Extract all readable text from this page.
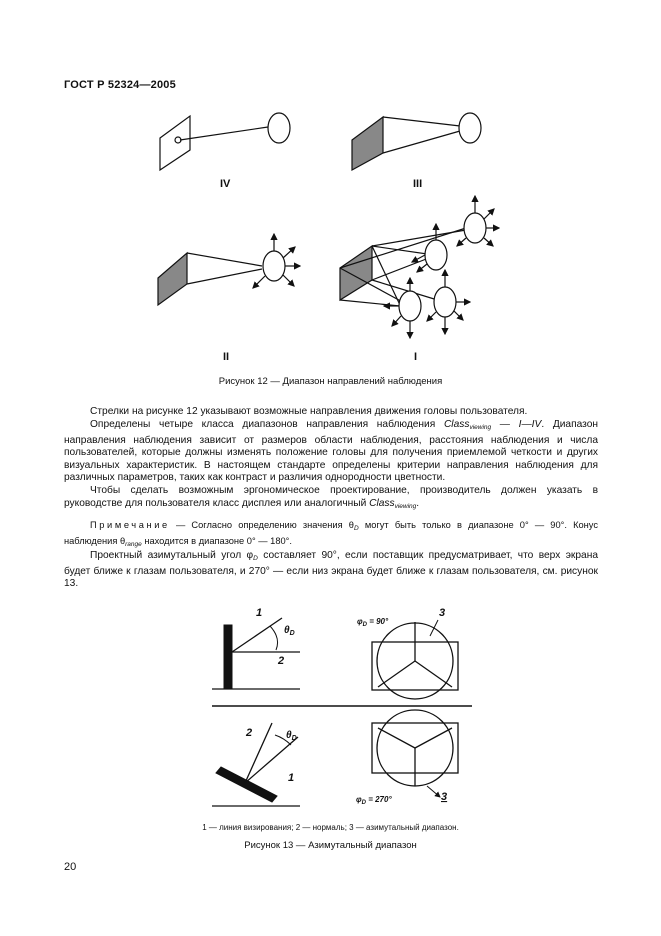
ГОСТ Р 52324—2005
IV	III
II	I
Рисунок 12 — Диапазон направлений наблюдения
Стрелки на рисунке 12 указывают возможные направления движения головы пользователя.
Определены четыре класса диапазонов направления наблюдения Class$_{viewing}$ — I—IV. Диапазон направления наблюдения зависит от размеров области наблюдения, расстояния наблюдения и числа пользователей, которые должны изменять положение головы для получения приемлемой четкости и других визуальных характеристик. В настоящем стандарте определены критерии направления наблюдения для различных параметров, таких как контраст и различия однородности цветности.
Чтобы сделать возможным эргономическое проектирование, производитель должен указать в руководстве для пользователя класс дисплея или аналогичный Class$_{viewing}$.
Примечание — Согласно определению значения $\theta_D$ могут быть только в диапазоне 0° — 90°. Конус наблюдения $\theta_{range}$ находится в диапазоне 0° — 180°.
Проектный азимутальный угол $\varphi_D$ составляет 90°, если поставщик предусматривает, что верх экрана будет ближе к глазам пользователя, и 270° — если низ экрана будет ближе к глазам пользователя, см. рисунок 13.
1
2
$\theta_D$
$\varphi_D = 90^\circ$
3
2
1
$\theta_D$
$\varphi_D = 270^\circ$	3
1 — линия визирования; 2 — нормаль; 3 — азимутальный диапазон.
Рисунок 13 — Азимутальный диапазон
20
